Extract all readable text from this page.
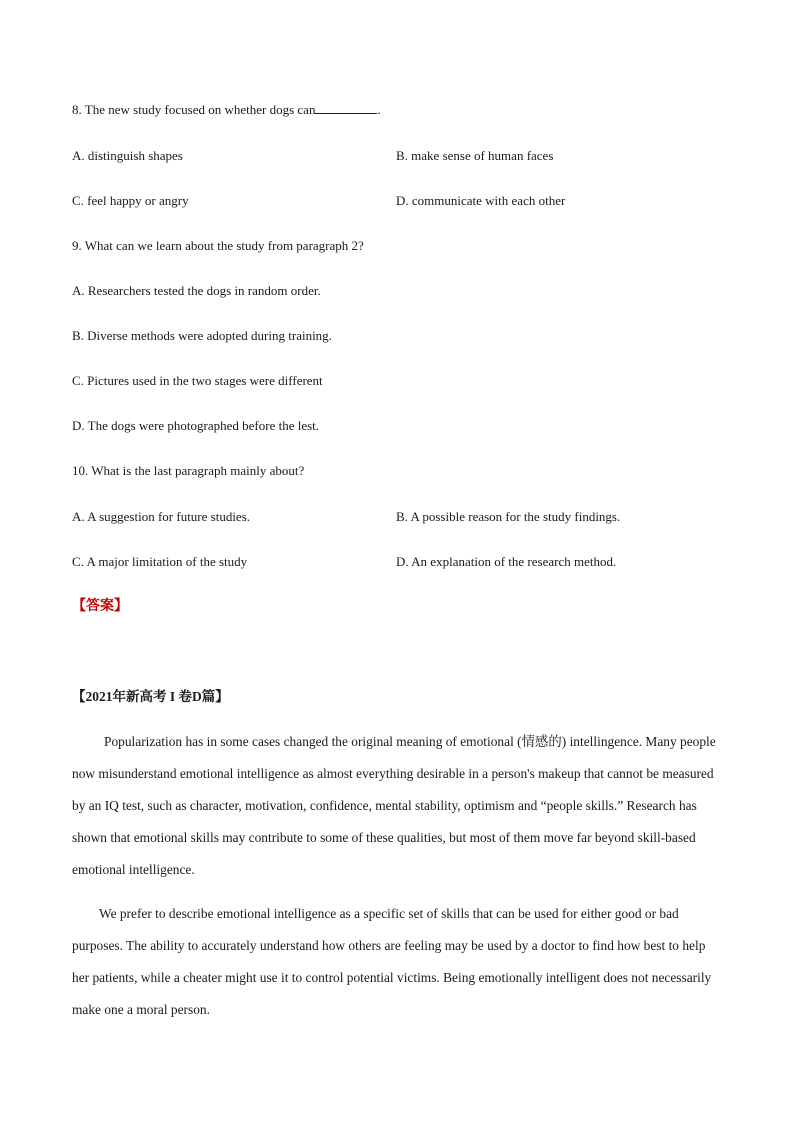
8. The new study focused on whether dogs can	.
A. distinguish shapes	B. make sense of human faces
C. feel happy or angry	D. communicate with each other
9. What can we learn about the study from paragraph 2?
A. Researchers tested the dogs in random order.
B. Diverse methods were adopted during training.
C. Pictures used in the two stages were different
D. The dogs were photographed before the lest.
10. What is the last paragraph mainly about?
A. A suggestion for future studies.	B. A possible reason for the study findings.
C. A major limitation of the study	D. An explanation of the research method.
【答案】
【2021年新高考 I 卷D篇】

Popularization has in some cases changed the original meaning of emotional (情感的) intellingence. Many people now misunderstand emotional intelligence as almost everything desirable in a person's makeup that cannot be measured by an IQ test, such as character, motivation, confidence, mental stability, optimism and “people skills.” Research has shown that emotional skills may contribute to some of these qualities, but most of them move far beyond skill-based emotional intelligence.

We prefer to describe emotional intelligence as a specific set of skills that can be used for either good or bad purposes. The ability to accurately understand how others are feeling may be used by a doctor to find how best to help her patients, while a cheater might use it to control potential victims. Being emotionally intelligent does not necessarily make one a moral person.
